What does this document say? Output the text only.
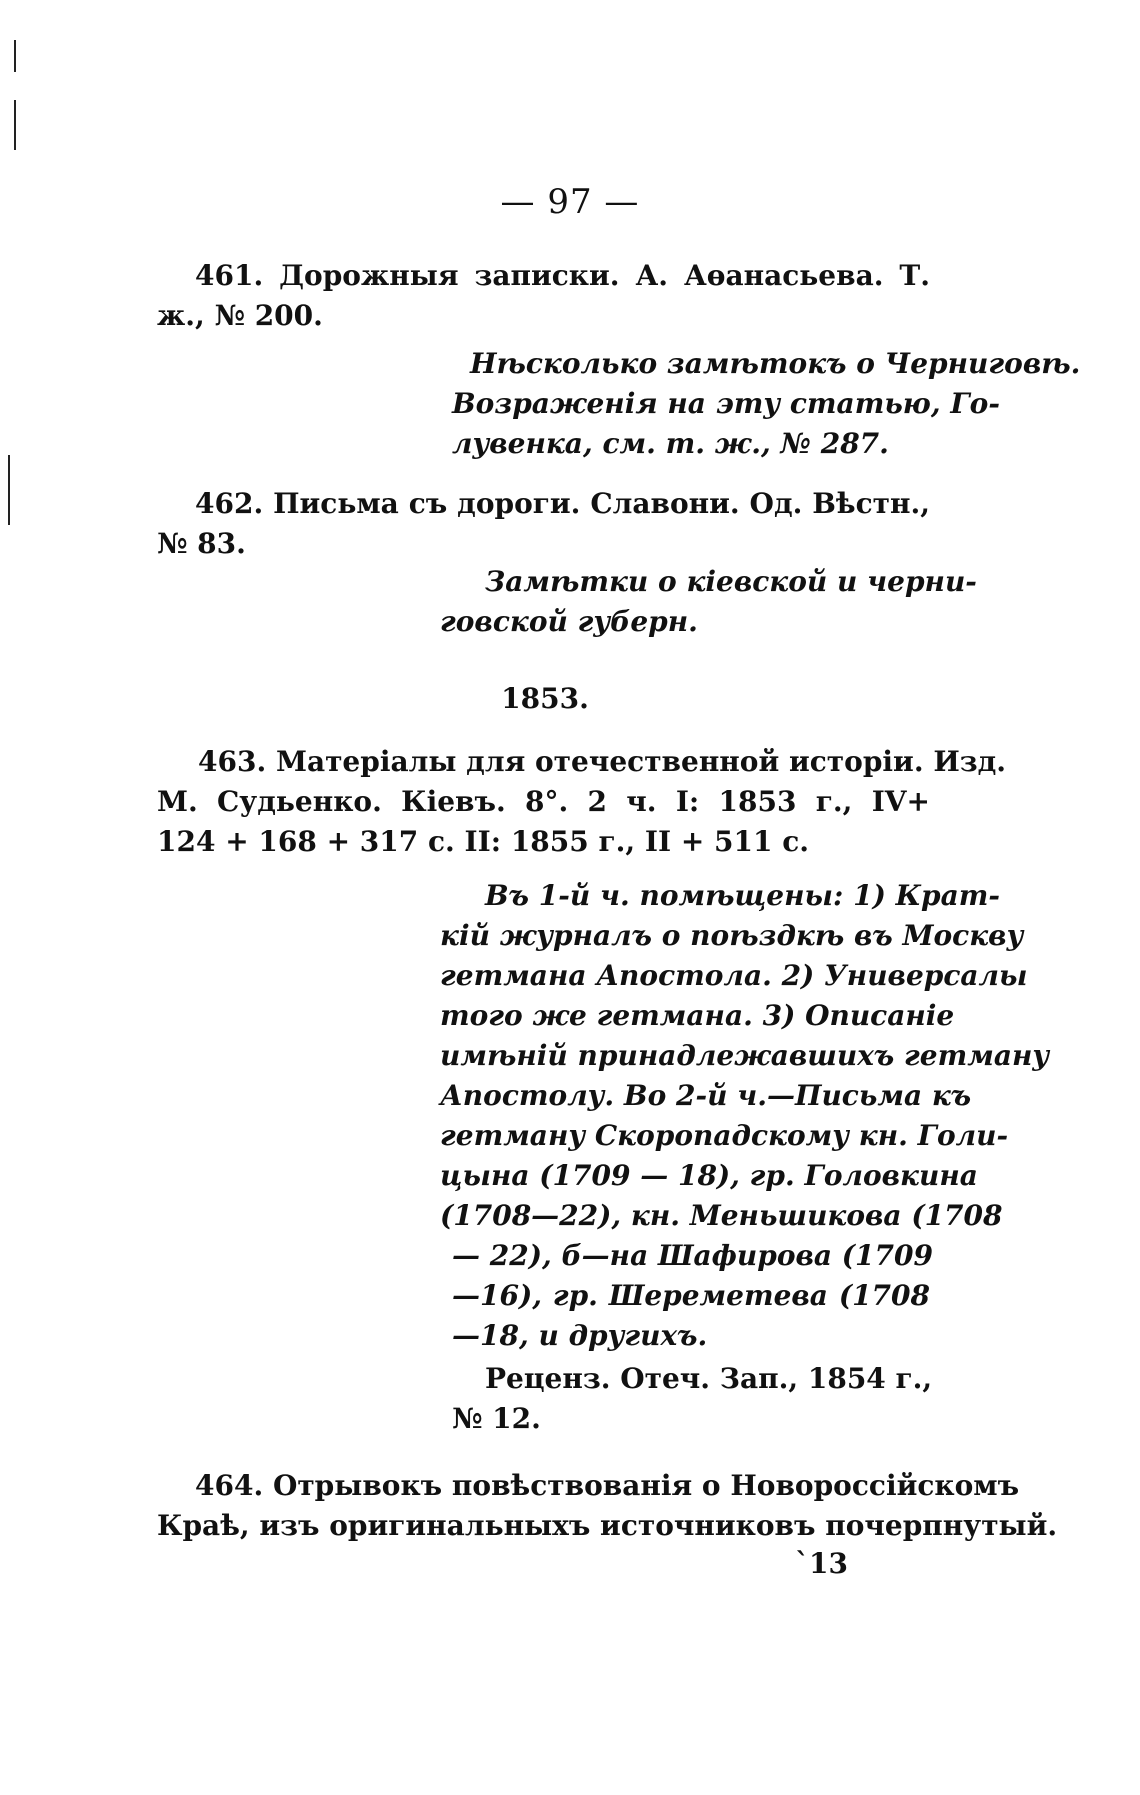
— 97 —
461. Дорожныя записки. А. Аөанасьева. Т.
ж., № 200.
Нѣсколько замѣтокъ о Черниговѣ.
Возраженія на эту статью, Го-
лувенка, см. т. ж., № 287.
462. Письма съ дороги. Славони. Од. Вѣстн.,
№ 83.
Замѣтки о кіевской и черни-
говской губерн.
1853.
463. Матеріалы для отечественной исторіи. Изд.
М. Судьенко. Кіевъ. 8°. 2 ч. I: 1853 г., IV+
124 + 168 + 317 с. II: 1855 г., II + 511 с.
Въ 1-й ч. помѣщены: 1) Крат-
кій журналъ о поѣздкѣ въ Москву
гетмана Апостола. 2) Универсалы
того же гетмана. 3) Описаніе
имѣній принадлежавшихъ гетману
Апостолу. Во 2-й ч.—Письма къ
гетману Скоропадскому кн. Голи-
цына (1709 — 18), гр. Головкина
(1708—22), кн. Меньшикова (1708
— 22), б—на Шафирова (1709
—16), гр. Шереметева (1708
—18, и другихъ.
Реценз. Отеч. Зап., 1854 г.,
№ 12.
464. Отрывокъ повѣствованія о Новороссійскомъ
Краѣ, изъ оригинальныхъ источниковъ почерпнутый.
`13
